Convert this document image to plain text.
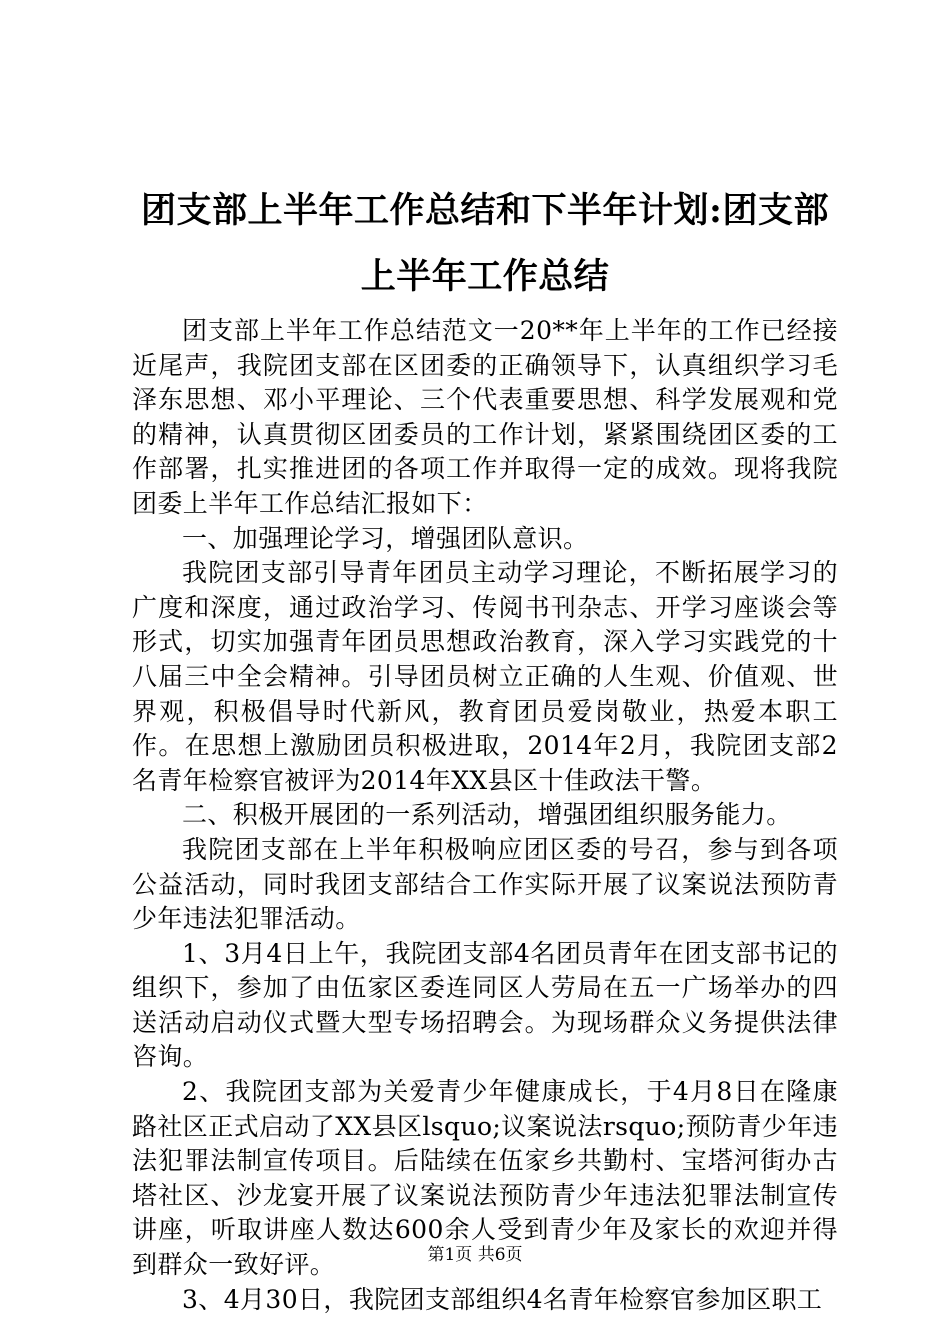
团支部上半年工作总结和下半年计划:团支部上半年工作总结

团支部上半年工作总结范文一20**年上半年的工作已经接近尾声，我院团支部在区团委的正确领导下，认真组织学习毛泽东思想、邓小平理论、三个代表重要思想、科学发展观和党的精神，认真贯彻区团委员的工作计划，紧紧围绕团区委的工作部署，扎实推进团的各项工作并取得一定的成效。现将我院团委上半年工作总结汇报如下：

一、加强理论学习，增强团队意识。

我院团支部引导青年团员主动学习理论，不断拓展学习的广度和深度，通过政治学习、传阅书刊杂志、开学习座谈会等形式，切实加强青年团员思想政治教育，深入学习实践党的十八届三中全会精神。引导团员树立正确的人生观、价值观、世界观，积极倡导时代新风，教育团员爱岗敬业，热爱本职工作。在思想上激励团员积极进取，2014年2月，我院团支部2名青年检察官被评为2014年XX县区十佳政法干警。

二、积极开展团的一系列活动，增强团组织服务能力。

我院团支部在上半年积极响应团区委的号召，参与到各项公益活动，同时我团支部结合工作实际开展了议案说法预防青少年违法犯罪活动。

1、3月4日上午，我院团支部4名团员青年在团支部书记的组织下，参加了由伍家区委连同区人劳局在五一广场举办的四送活动启动仪式暨大型专场招聘会。为现场群众义务提供法律咨询。

2、我院团支部为关爱青少年健康成长，于4月8日在隆康路社区正式启动了XX县区lsquo;议案说法rsquo;预防青少年违法犯罪法制宣传项目。后陆续在伍家乡共勤村、宝塔河街办古塔社区、沙龙宴开展了议案说法预防青少年违法犯罪法制宣传讲座，听取讲座人数达600余人受到青少年及家长的欢迎并得到群众一致好评。

3、4月30日，我院团支部组织4名青年检察官参加区职工

第1页 共6页
